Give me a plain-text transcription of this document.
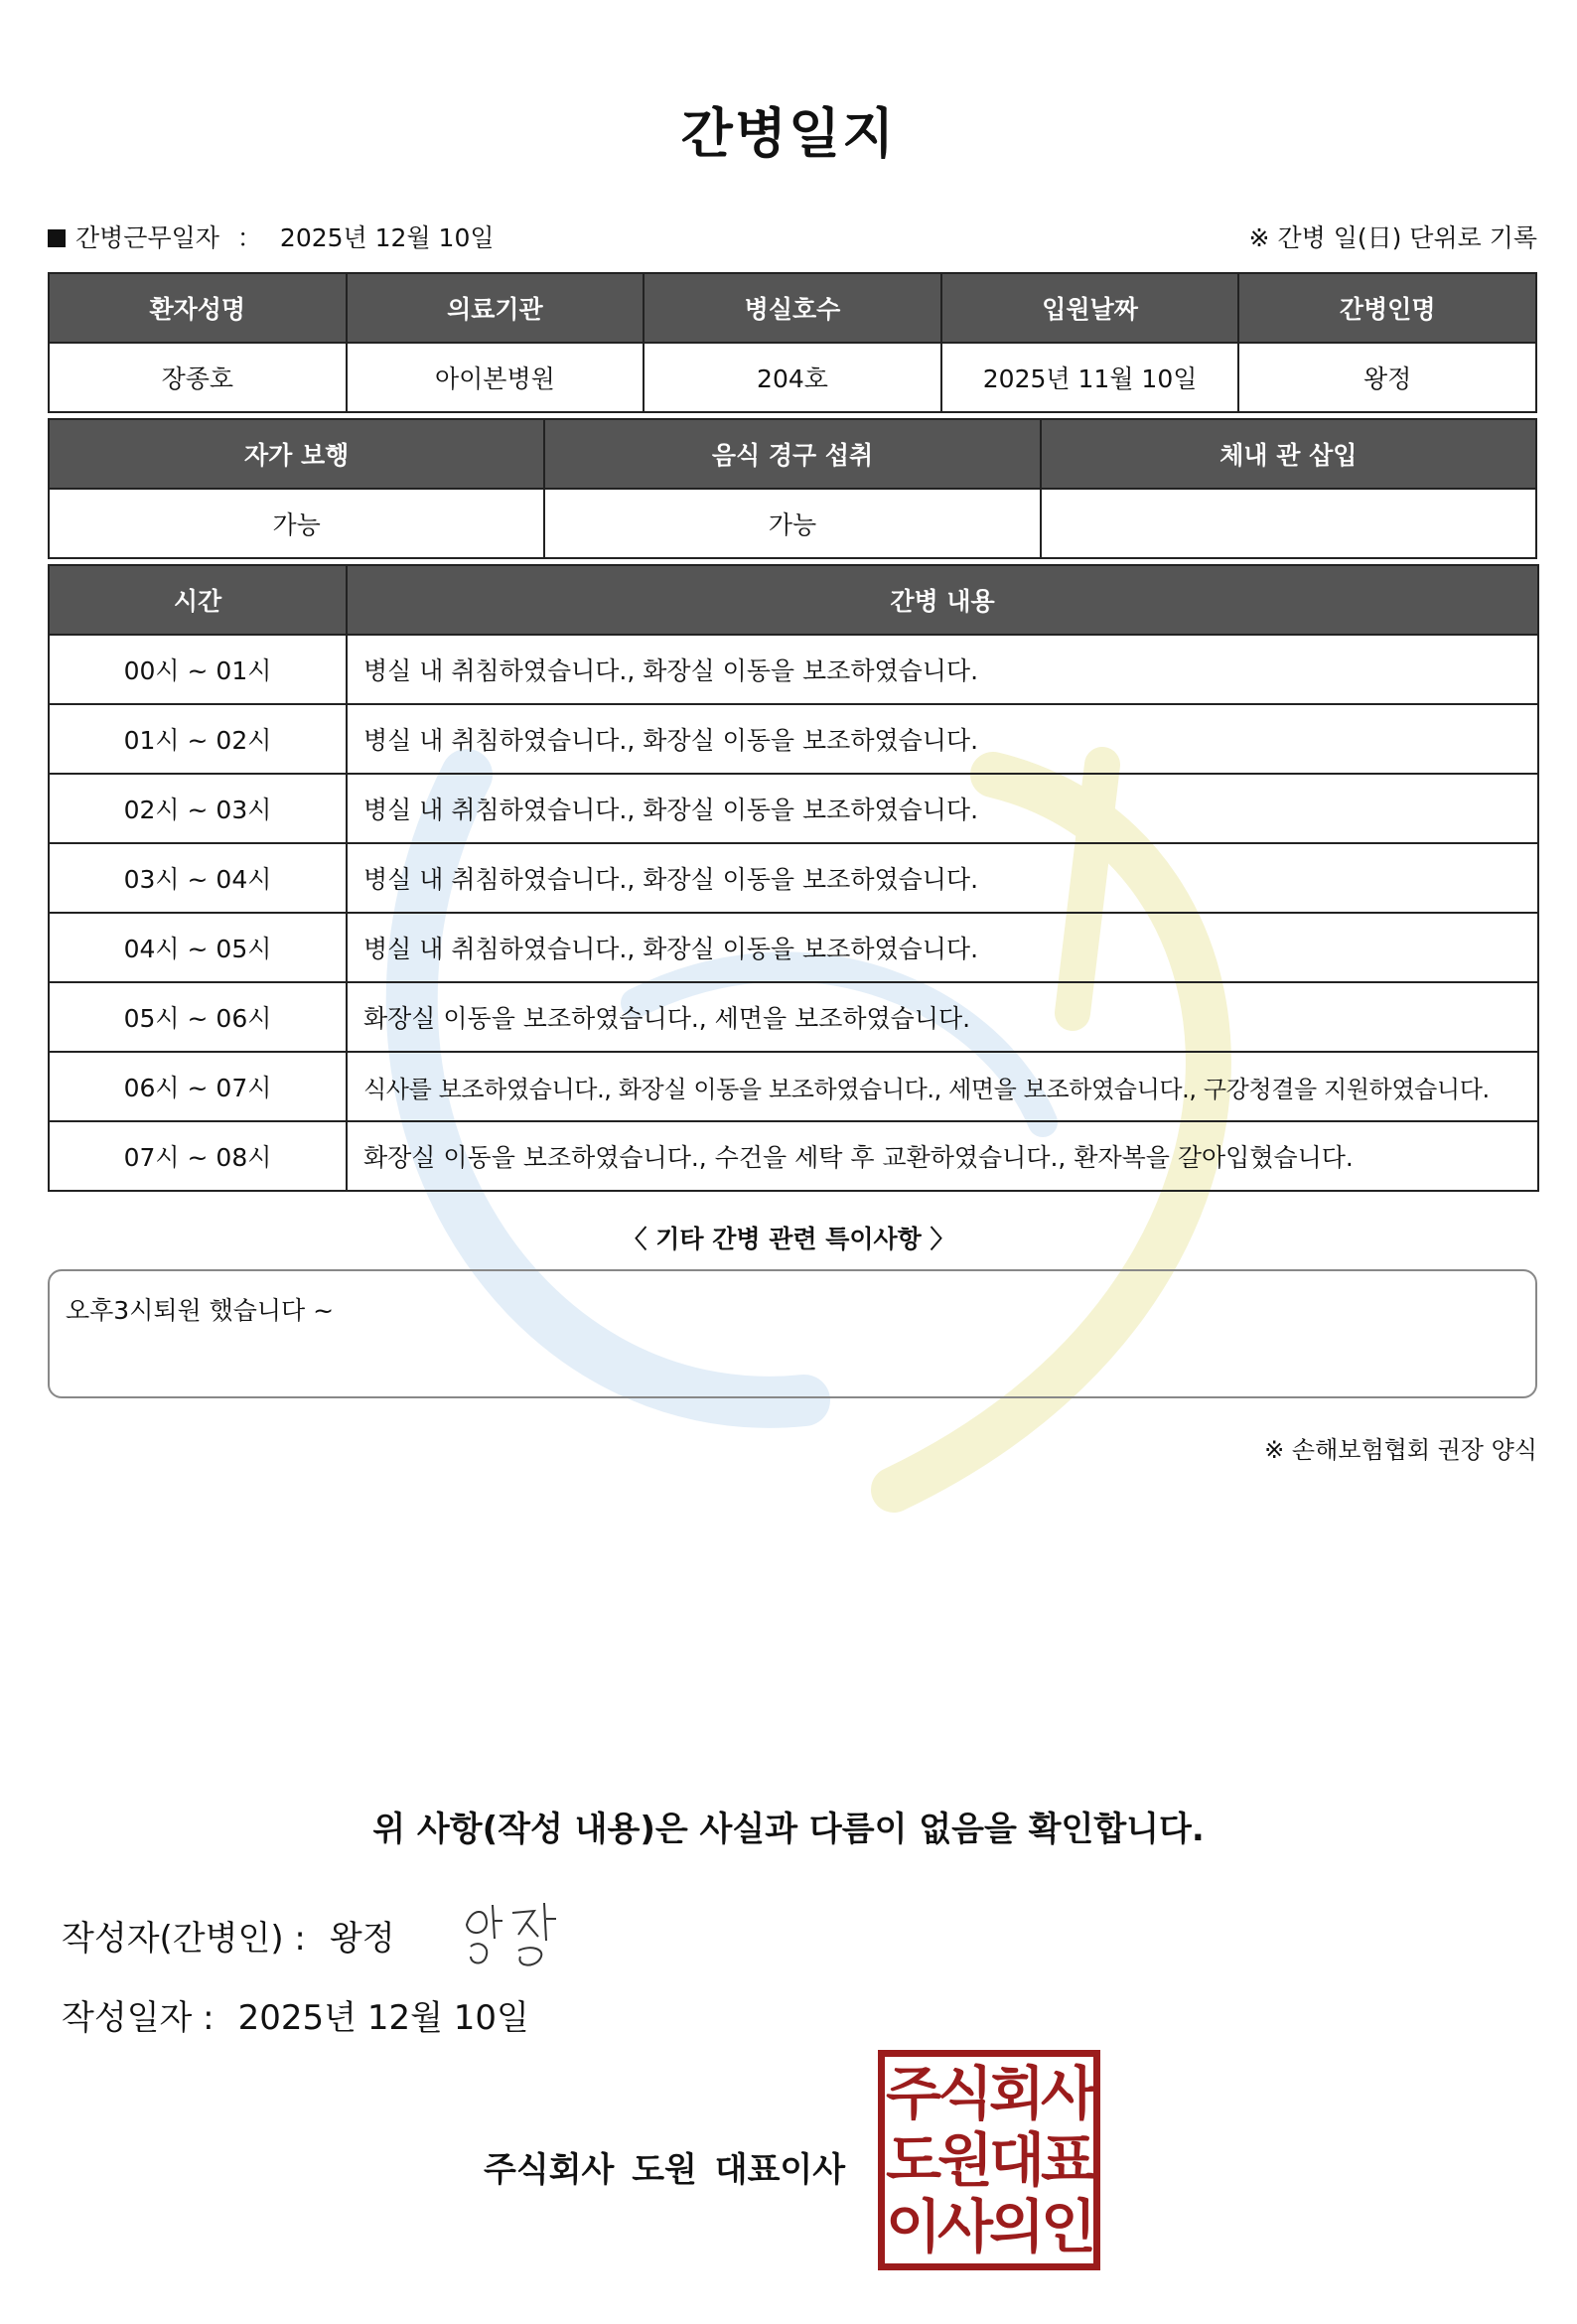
간병일지
간병근무일자 ： 2025년 12월 10일	※ 간병 일(日) 단위로 기록
환자성명	의료기관	병실호수	입원날짜	간병인명
장종호	아이본병원	204호	2025년 11월 10일	왕정
자가 보행	음식 경구 섭취	체내 관 삽입
가능	가능	
시간	간병 내용
00시 ~ 01시	병실 내 취침하였습니다., 화장실 이동을 보조하였습니다.
01시 ~ 02시	병실 내 취침하였습니다., 화장실 이동을 보조하였습니다.
02시 ~ 03시	병실 내 취침하였습니다., 화장실 이동을 보조하였습니다.
03시 ~ 04시	병실 내 취침하였습니다., 화장실 이동을 보조하였습니다.
04시 ~ 05시	병실 내 취침하였습니다., 화장실 이동을 보조하였습니다.
05시 ~ 06시	화장실 이동을 보조하였습니다., 세면을 보조하였습니다.
06시 ~ 07시	식사를 보조하였습니다., 화장실 이동을 보조하였습니다., 세면을 보조하였습니다., 구강청결을 지원하였습니다.
07시 ~ 08시	화장실 이동을 보조하였습니다., 수건을 세탁 후 교환하였습니다., 환자복을 갈아입혔습니다.
〈 기타 간병 관련 특이사항 〉
오후3시퇴원 했습니다 ~
※ 손해보험협회 권장 양식
위 사항(작성 내용)은 사실과 다름이 없음을 확인합니다.
작성자(간병인) : 왕정
작성일자 : 2025년 12월 10일
주식회사 도원 대표이사
주식회사
도원대표
이사의인
